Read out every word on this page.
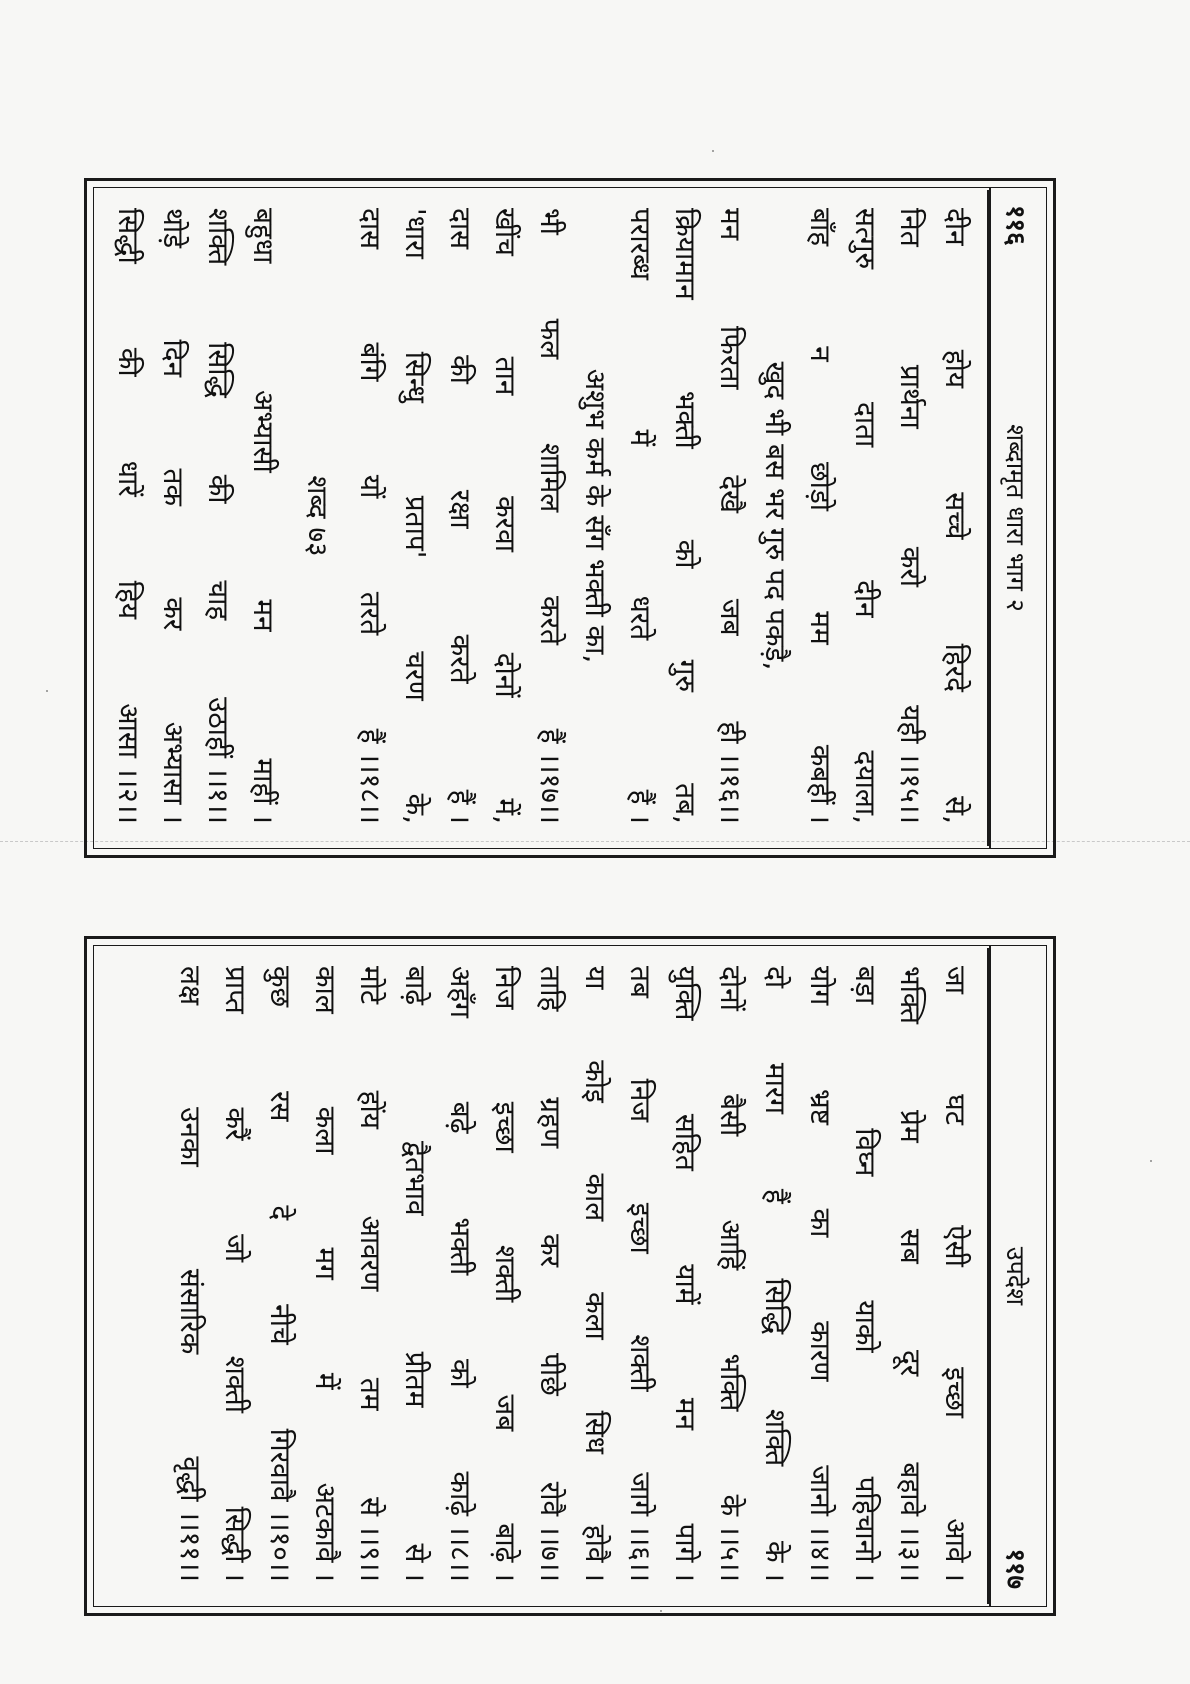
११६
शब्दामृत धारा भाग २
दीन
होय
सच्चे
हिरदे
से,
नित
प्रार्थना
करो
यही ।।१५।।
सत्गुरु
दाता
दीन
दयाला,
बाँह
न
छोड़ो
मम
कबहीं ।
खुद भी बस भर गुरु पद पकड़ै,
मन
फिरता
देखै
जब
ही ।।१६।।
क्रियामान
भक्ती
को
गुरु
तब,
परारब्ध
में
धरते
हैं ।
अशुभ कर्म के सँग भक्ती का,
भी
फल
शामिल
करते
हैं ।।१७।।
खींच
तान
करवा
दोनों
में,
दास
की
रक्षा
करते
हैं ।
'धारा
सिन्धु
प्रताप'
चरण
के,
दास
बंगि
यों
तरते
हैं ।।१८।।
शब्द ७३
बहुधा
अभ्यासी
मन
माहीं ।
शक्ति
सिद्धि
की
चाह
उठाहीं ।।१।।
थोड़े
दिन
तक
कर
अभ्यासा ।
सिद्धी
की
धारें
हिय
आसा ।।२।।
उपदेश
११७
जा
घट
ऐसी
इच्छा
आवे ।
भक्ति
प्रेम
सब
दूर
बहावे ।।३।।
बड़ा
विघ्न
याको
पहिचानो ।
योग
भ्रष्ट
का
कारण
जानो ।।४।।
दो
मारग
हैं
सिद्धि
शक्ति
के ।
दोनों
बैसी
आहिं
भक्ति
के ।।५।।
युक्ति
सहित
यामें
मन
पागे ।
तब
निज
इच्छा
शक्ती
जागे ।।६।।
या
कोइ
काल
कला
सिध
होवै ।
ताहि
ग्रहण
कर
पीछे
रोवै ।।७।।
निज
इच्छा
शक्ती
जब
बाढ़े ।
अहँग
बढ़े
भक्ती
को
काढ़े ।।८।।
बाढ़े
द्वैतभाव
प्रीतम
से ।
मोटे
होंय
आवरण
तम
से ।।९।।
काल
कला
मग
में
अटकावै ।
कुछ
रस
दे
नीचे
गिरवावै ।।१०।।
प्राप्त
करैं
जो
शक्ती
सिद्धी ।
लक्ष
उनका
संसारिक
वृद्धी ।।११।।
